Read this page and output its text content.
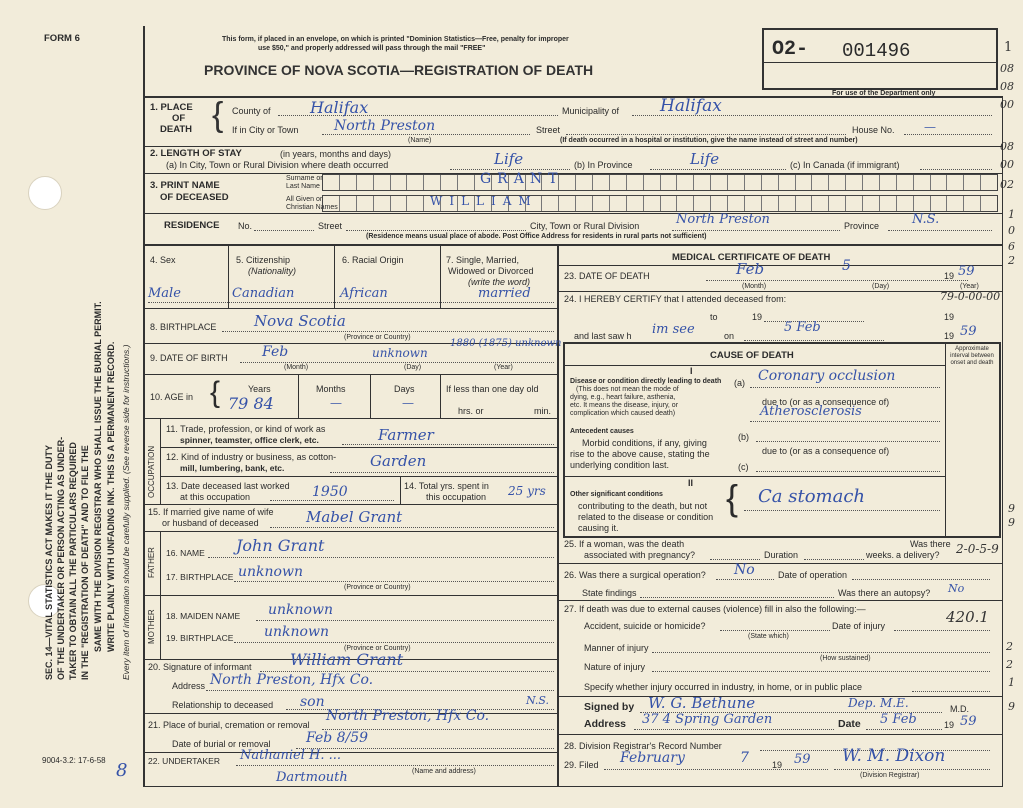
FORM 6	This form, if placed in an envelope, on which is printed "Dominion Statistics—Free, penalty for improper
use $50," and properly addressed will pass through the mail "FREE"
PROVINCE OF NOVA SCOTIA—REGISTRATION OF DEATH
O2- 001496
For use of the Department only
SEC. 14—VITAL STATISTICS ACT MAKES IT THE DUTY OF THE UNDERTAKER OR PERSON ACTING AS UNDER- TAKER TO OBTAIN ALL THE PARTICULARS REQUIRED IN THE "REGISTRATION OF DEATH" AND TO FILE THE SAME WITH THE DIVISION REGISTRAR WHO SHALL ISSUE THE BURIAL PERMIT. WRITE PLAINLY WITH UNFADING INK. THIS IS A PERMANENT RECORD. Every item of information should be carefully supplied. (See reverse side for instructions.)
1. PLACE
OF
DEATH { County of Halifax	Municipality of Halifax
If in City or Town	North Preston
(Name)
Street	House No. —
(If death occurred in a hospital or institution, give the name instead of street and number)
2. LENGTH OF STAY	(in years, months and days)
(a) In City, Town or Rural Division where death occurred	Life	(b) In Province	Life	(c) In Canada (if immigrant)
3. PRINT NAME
OF DECEASED
Surname or
Last Name
All Given or
Christian Names
GRANT
WILLIAM
RESIDENCE No.	Street	City, Town or Rural Division	North Preston	Province	N.S.
(Residence means usual place of abode. Post Office Address for residents in rural parts not sufficient)
4. Sex	5. Citizenship
(Nationality)
6. Racial Origin	7. Single, Married,
Widowed or Divorced
(write the word)
Male	Canadian	African	married
8. BIRTHPLACE	Nova Scotia
(Province or Country)
9. DATE OF BIRTH Feb	unknown
1880 (1875) unknown
(Month)	(Day)	(Year)
10. AGE in {	Years	Months	Days	If less than one day old
79 84	—	—
hrs. or	min.
OCCUPATION
11. Trade, profession, or kind of work as
spinner, teamster, office clerk, etc.	Farmer
12. Kind of industry or business, as cotton-
mill, lumbering, bank, etc.	Garden
13. Date deceased last worked
at this occupation	1950	14. Total yrs. spent in
this occupation 25 yrs
15. If married give name of wife
or husband of deceased	Mabel Grant
FATHER 16. NAME John Grant
17. BIRTHPLACE unknown
(Province or Country)
MOTHER 18. MAIDEN NAME unknown
19. BIRTHPLACE unknown
(Province or Country)
20. Signature of informant William Grant
Address North Preston, Hfx Co.
Relationship to deceased son
21. Place of burial, cremation or removal
North Preston, Hfx Co.
N.S.
Date of burial or removal	Feb 8/59
22. UNDERTAKER Nathaniel H. ...
(Name and address)
Dartmouth
9004-3.2: 17-6-58
MEDICAL CERTIFICATE OF DEATH
23. DATE OF DEATH	Feb	5
19 59
(Month)	(Day)	(Year)
24. I HEREBY CERTIFY that I attended deceased from:
to	19	19
and last saw h im see	on
5 Feb
19 59
CAUSE OF DEATH
Approximate interval between onset and death
I
Disease or condition directly leading to death
(This does not mean the mode of
dying, e.g., heart failure, asthenia,
etc. It means the disease, injury, or
complication which caused death)
(a) Coronary occlusion
due to (or as a consequence of)
Atherosclerosis
Antecedent causes
Morbid conditions, if any, giving
rise to the above cause, stating the
underlying condition last.
(b)
due to (or as a consequence of)
(c)
II
Other significant conditions
contributing to the death, but not
related to the disease or condition
causing it.
{ Ca stomach
25. If a woman, was the death
associated with pregnancy?	Duration	weeks.
Was there
a delivery?
26. Was there a surgical operation? No	Date of operation
State findings	Was there an autopsy? No
27. If death was due to external causes (violence) fill in also the following:—
Accident, suicide or homicide?
(State which)
Date of injury
Manner of injury
(How sustained)
Nature of injury
Specify whether injury occurred in industry, in home, or in public place
Signed by W. G. Bethune	Dep. M.E.	M.D.
Address 37 4 Spring Garden	Date 5 Feb	19 59
28. Division Registrar's Record Number
29. Filed February	7	19 59 W. M. Dixon
(Division Registrar)
1
08
08
00
08
00
02
1
0
6
2
79-0-00-00
2-0-5-9
9
9
420.1
2
2
1
9
8
